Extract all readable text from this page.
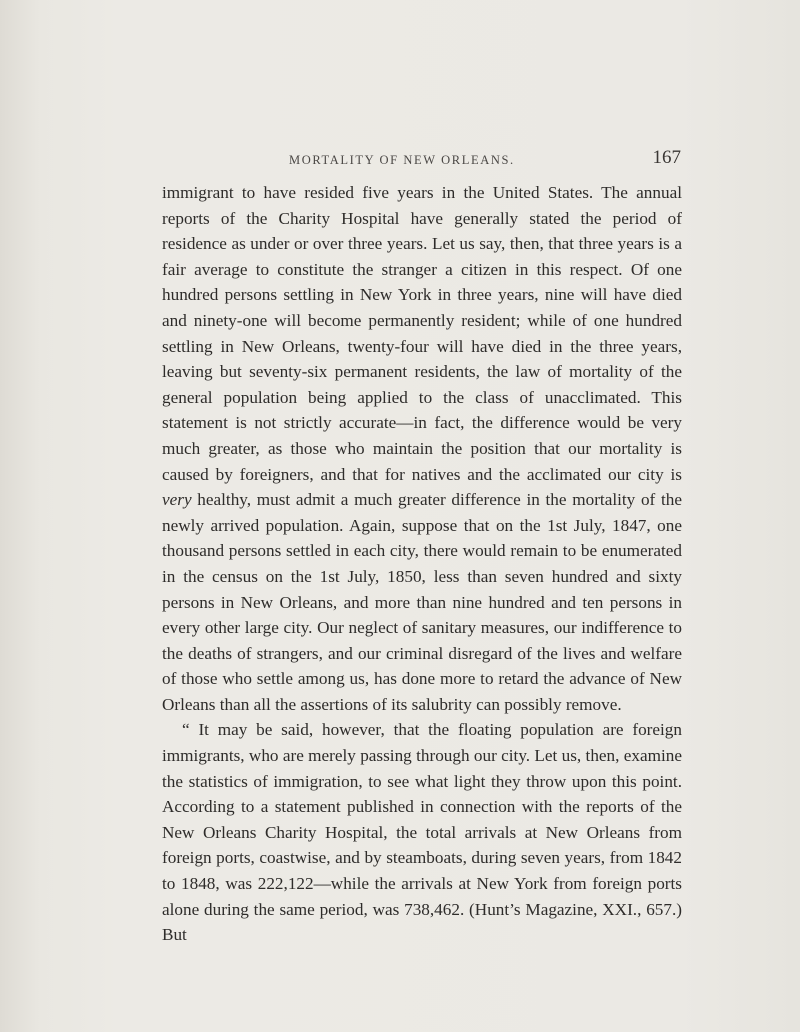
MORTALITY OF NEW ORLEANS.	167

immigrant to have resided five years in the United States. The annual reports of the Charity Hospital have generally stated the period of residence as under or over three years. Let us say, then, that three years is a fair average to constitute the stranger a citizen in this respect. Of one hundred persons settling in New York in three years, nine will have died and ninety-one will become permanently resident; while of one hundred settling in New Orleans, twenty-four will have died in the three years, leaving but seventy-six permanent residents, the law of mortality of the general population being applied to the class of unacclimated. This statement is not strictly accurate—in fact, the difference would be very much greater, as those who maintain the position that our mortality is caused by foreigners, and that for natives and the acclimated our city is very healthy, must admit a much greater difference in the mortality of the newly arrived population. Again, suppose that on the 1st July, 1847, one thousand persons settled in each city, there would remain to be enumerated in the census on the 1st July, 1850, less than seven hundred and sixty persons in New Orleans, and more than nine hundred and ten persons in every other large city. Our neglect of sanitary measures, our indifference to the deaths of strangers, and our criminal disregard of the lives and welfare of those who settle among us, has done more to retard the advance of New Orleans than all the assertions of its salubrity can possibly remove.

“ It may be said, however, that the floating population are foreign immigrants, who are merely passing through our city. Let us, then, examine the statistics of immigration, to see what light they throw upon this point. According to a statement published in connection with the reports of the New Orleans Charity Hospital, the total arrivals at New Orleans from foreign ports, coastwise, and by steamboats, during seven years, from 1842 to 1848, was 222,122—while the arrivals at New York from foreign ports alone during the same period, was 738,462. (Hunt’s Magazine, XXI., 657.) But
